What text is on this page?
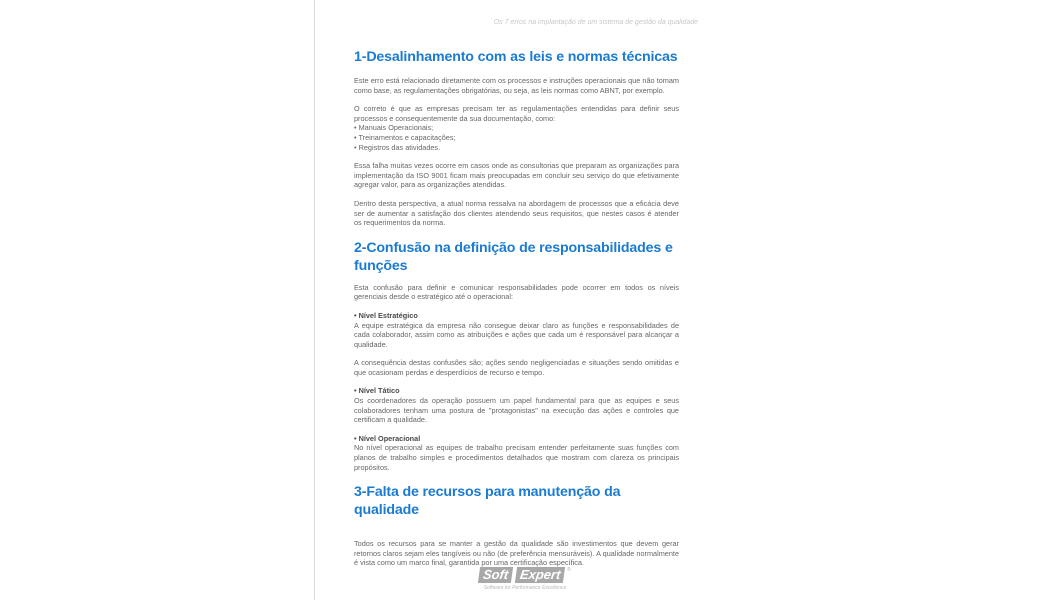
Os 7 erros na implantação de um sistema de gestão da qualidade
1-Desalinhamento com as leis e normas técnicas

Este erro está relacionado diretamente com os processos e instruções operacionais que não tomam como base, as regulamentações obrigatórias, ou seja, as leis normas como ABNT, por exemplo.

O correto é que as empresas precisam ter as regulamentações entendidas para definir seus processos e consequentemente da sua documentação, como:

• Manuais Operacionais;
• Treinamentos e capacitações;
• Registros das atividades.

Essa falha muitas vezes ocorre em casos onde as consultorias que preparam as organizações para implementação da ISO 9001 ficam mais preocupadas em concluir seu serviço do que efetivamente agregar valor, para as organizações atendidas.

Dentro desta perspectiva, a atual norma ressalva na abordagem de processos que a eficácia deve ser de aumentar a satisfação dos clientes atendendo seus requisitos, que nestes casos é atender os requerimentos da norma.

2-Confusão na definição de responsabilidades e funções

Esta confusão para definir e comunicar responsabilidades pode ocorrer em todos os níveis gerenciais desde o estratégico até o operacional:

• Nível Estratégico

A equipe estratégica da empresa não consegue deixar claro as funções e responsabilidades de cada colaborador, assim como as atribuições e ações que cada um é responsável para alcançar a qualidade.

A consequência destas confusões são; ações sendo negligenciadas e situações sendo omitidas e que ocasionam perdas e desperdícios de recurso e tempo.

• Nível Tático

Os coordenadores da operação possuem um papel fundamental para que as equipes e seus colaboradores tenham uma postura de "protagonistas" na execução das ações e controles que certificam a qualidade.

• Nível Operacional

No nível operacional as equipes de trabalho precisam entender perfeitamente suas funções com planos de trabalho simples e procedimentos detalhados que mostram com clareza os principais propósitos.

3-Falta de recursos para manutenção da qualidade

Todos os recursos para se manter a gestão da qualidade são investimentos que devem gerar retornos claros sejam eles tangíveis ou não (de preferência mensuráveis). A qualidade normalmente é vista como um marco final, garantida por uma certificação específica.

Soft Expert	®
Software for Performance Excellence
